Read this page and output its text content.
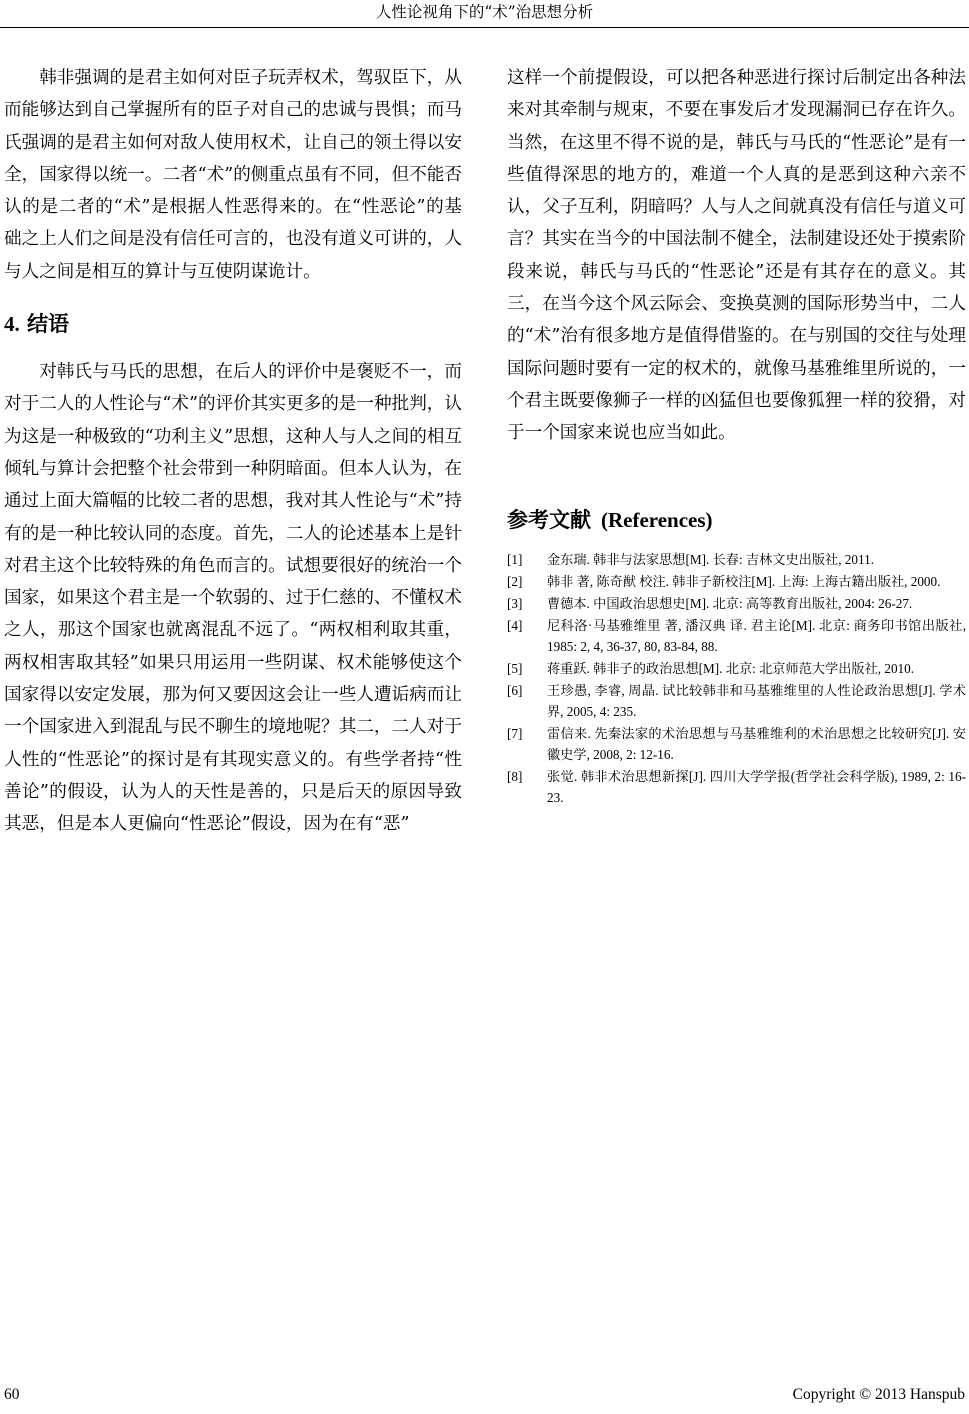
人性论视角下的“术”治思想分析

韩非强调的是君主如何对臣子玩弄权术，驾驭臣下，从而能够达到自己掌握所有的臣子对自己的忠诚与畏惧；而马氏强调的是君主如何对敌人使用权术，让自己的领土得以安全，国家得以统一。二者“术”的侧重点虽有不同，但不能否认的是二者的“术”是根据人性恶得来的。在“性恶论”的基础之上人们之间是没有信任可言的，也没有道义可讲的，人与人之间是相互的算计与互使阴谋诡计。

4. 结语

对韩氏与马氏的思想，在后人的评价中是褒贬不一，而对于二人的人性论与“术”的评价其实更多的是一种批判，认为这是一种极致的“功利主义”思想，这种人与人之间的相互倾轧与算计会把整个社会带到一种阴暗面。但本人认为，在通过上面大篇幅的比较二者的思想，我对其人性论与“术”持有的是一种比较认同的态度。首先，二人的论述基本上是针对君主这个比较特殊的角色而言的。试想要很好的统治一个国家，如果这个君主是一个软弱的、过于仁慈的、不懂权术之人，那这个国家也就离混乱不远了。“两权相利取其重，两权相害取其轻”如果只用运用一些阴谋、权术能够使这个国家得以安定发展，那为何又要因这会让一些人遭诟病而让一个国家进入到混乱与民不聊生的境地呢？其二，二人对于人性的“性恶论”的探讨是有其现实意义的。有些学者持“性善论”的假设，认为人的天性是善的，只是后天的原因导致其恶，但是本人更偏向“性恶论”假设，因为在有“恶”

这样一个前提假设，可以把各种恶进行探讨后制定出各种法来对其牵制与规束，不要在事发后才发现漏洞已存在许久。当然，在这里不得不说的是，韩氏与马氏的“性恶论”是有一些值得深思的地方的，难道一个人真的是恶到这种六亲不认，父子互利，阴暗吗？人与人之间就真没有信任与道义可言？其实在当今的中国法制不健全，法制建设还处于摸索阶段来说，韩氏与马氏的“性恶论”还是有其存在的意义。其三，在当今这个风云际会、变换莫测的国际形势当中，二人的“术”治有很多地方是值得借鉴的。在与别国的交往与处理国际问题时要有一定的权术的，就像马基雅维里所说的，一个君主既要像狮子一样的凶猛但也要像狐狸一样的狡猾，对于一个国家来说也应当如此。

参考文献 (References)
[1] 金东瑞. 韩非与法家思想[M]. 长春: 吉林文史出版社, 2011.
[2] 韩非 著, 陈奇猷 校注. 韩非子新校注[M]. 上海: 上海古籍出版社, 2000.
[3] 曹德本. 中国政治思想史[M]. 北京: 高等教育出版社, 2004: 26-27.
[4] 尼科洛·马基雅维里 著, 潘汉典 译. 君主论[M]. 北京: 商务印书馆出版社, 1985: 2, 4, 36-37, 80, 83-84, 88.
[5] 蒋重跃. 韩非子的政治思想[M]. 北京: 北京师范大学出版社, 2010.
[6] 王珍愚, 李睿, 周晶. 试比较韩非和马基雅维里的人性论政治思想[J]. 学术界, 2005, 4: 235.
[7] 雷信来. 先秦法家的术治思想与马基雅维利的术治思想之比较研究[J]. 安徽史学, 2008, 2: 12-16.
[8] 张觉. 韩非术治思想新探[J]. 四川大学学报(哲学社会科学版), 1989, 2: 16-23.
60	Copyright © 2013 Hanspub
